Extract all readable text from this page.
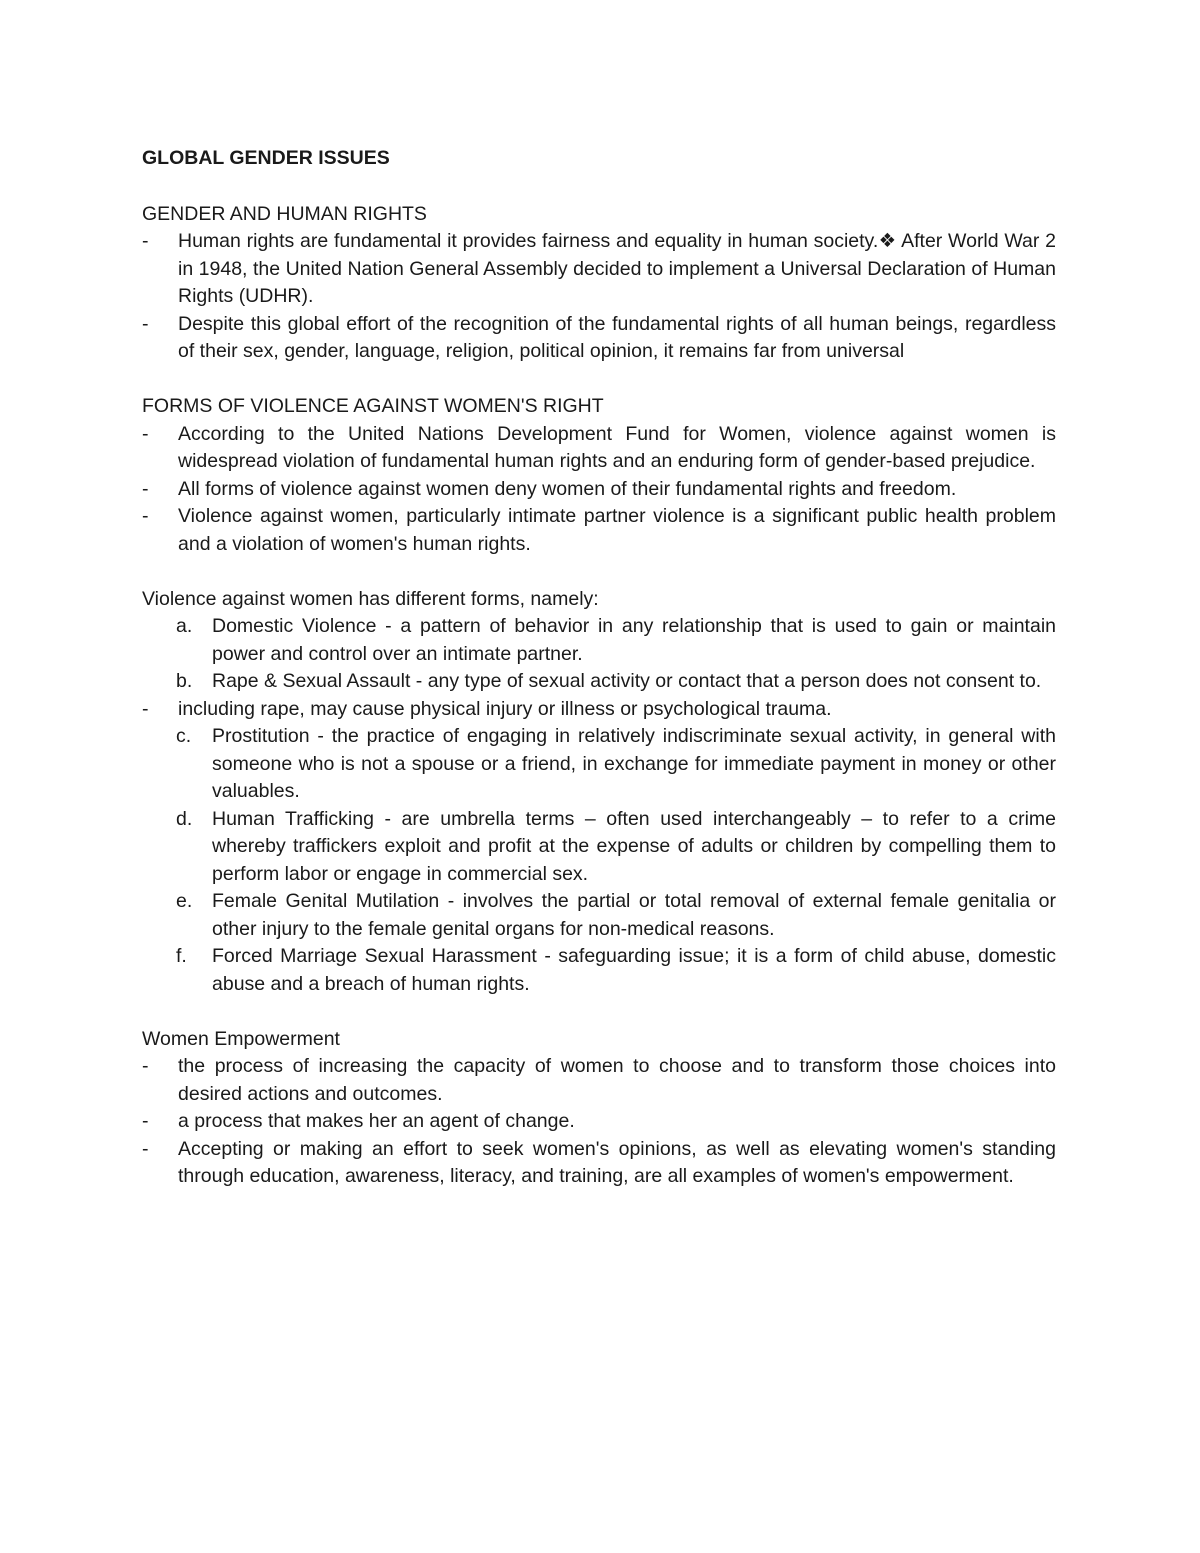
GLOBAL GENDER ISSUES
GENDER AND HUMAN RIGHTS
-	Human rights are fundamental it provides fairness and equality in human society.❖ After World War 2 in 1948, the United Nation General Assembly decided to implement a Universal Declaration of Human Rights (UDHR).
-	Despite this global effort of the recognition of the fundamental rights of all human beings, regardless of their sex, gender, language, religion, political opinion, it remains far from universal
FORMS OF VIOLENCE AGAINST WOMEN'S RIGHT
-	According to the United Nations Development Fund for Women, violence against women is widespread violation of fundamental human rights and an enduring form of gender-based prejudice.
-	All forms of violence against women deny women of their fundamental rights and freedom.
-	Violence against women, particularly intimate partner violence is a significant public health problem and a violation of women's human rights.
Violence against women has different forms, namely:
a.	Domestic Violence - a pattern of behavior in any relationship that is used to gain or maintain power and control over an intimate partner.
b.	Rape & Sexual Assault - any type of sexual activity or contact that a person does not consent to.
-	including rape, may cause physical injury or illness or psychological trauma.
c.	Prostitution - the practice of engaging in relatively indiscriminate sexual activity, in general with someone who is not a spouse or a friend, in exchange for immediate payment in money or other valuables.
d.	Human Trafficking - are umbrella terms – often used interchangeably – to refer to a crime whereby traffickers exploit and profit at the expense of adults or children by compelling them to perform labor or engage in commercial sex.
e.	Female Genital Mutilation - involves the partial or total removal of external female genitalia or other injury to the female genital organs for non-medical reasons.
f.	Forced Marriage Sexual Harassment - safeguarding issue; it is a form of child abuse, domestic abuse and a breach of human rights.
Women Empowerment
-	the process of increasing the capacity of women to choose and to transform those choices into desired actions and outcomes.
-	a process that makes her an agent of change.
-	Accepting or making an effort to seek women's opinions, as well as elevating women's standing through education, awareness, literacy, and training, are all examples of women's empowerment.
